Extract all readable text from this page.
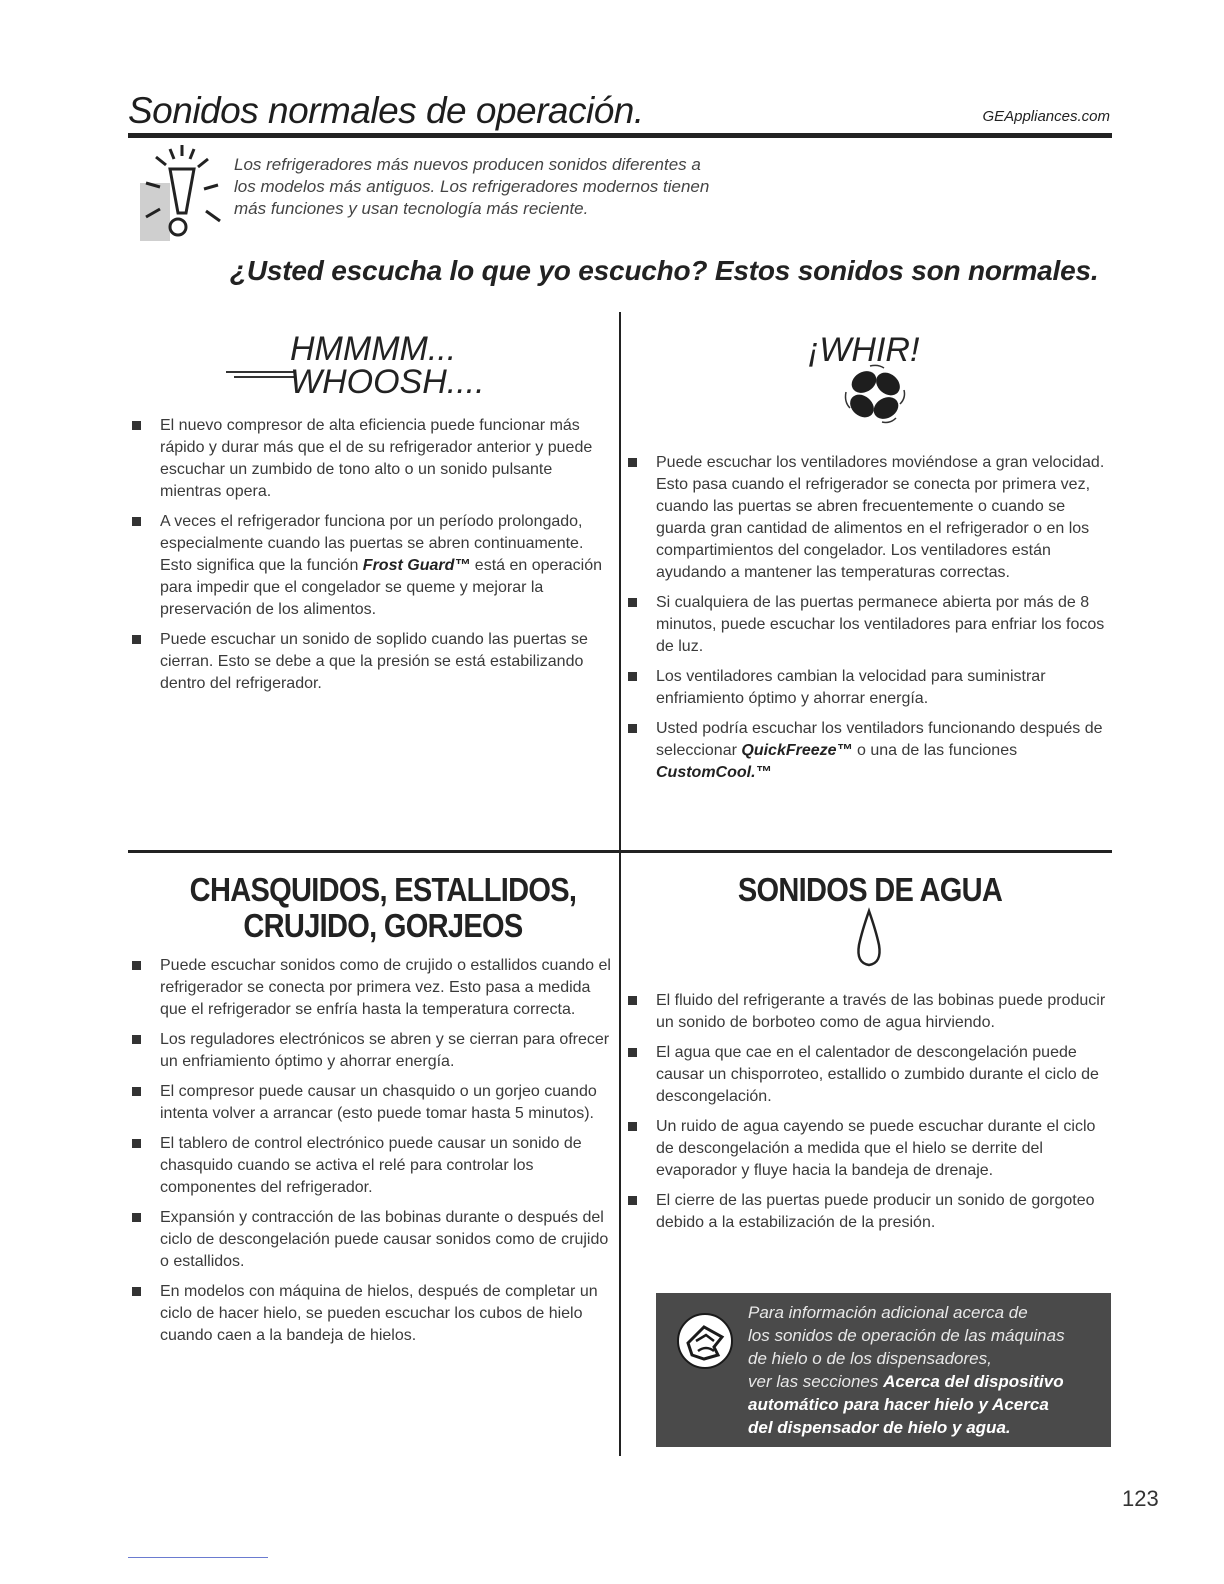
Sonidos normales de operación.	GEAppliances.com
Los refrigeradores más nuevos producen sonidos diferentes a
los modelos más antiguos. Los refrigeradores modernos tienen
más funciones y usan tecnología más reciente.
¿Usted escucha lo que yo escucho? Estos sonidos son normales.
HMMMM...
WHOOSH....
El nuevo compresor de alta eficiencia puede funcionar más rápido y durar más que el de su refrigerador anterior y puede escuchar un zumbido de tono alto o un sonido pulsante mientras opera.
A veces el refrigerador funciona por un período prolongado, especialmente cuando las puertas se abren continuamente. Esto significa que la función Frost Guard™ está en operación para impedir que el congelador se queme y mejorar la preservación de los alimentos.
Puede escuchar un sonido de soplido cuando las puertas se cierran. Esto se debe a que la presión se está estabilizando dentro del refrigerador.
¡WHIR!
Puede escuchar los ventiladores moviéndose a gran velocidad. Esto pasa cuando el refrigerador se conecta por primera vez, cuando las puertas se abren frecuentemente o cuando se guarda gran cantidad de alimentos en el refrigerador o en los compartimientos del congelador. Los ventiladores están ayudando a mantener las temperaturas correctas.
Si cualquiera de las puertas permanece abierta por más de 8 minutos, puede escuchar los ventiladores para enfriar los focos de luz.
Los ventiladores cambian la velocidad para suministrar enfriamiento óptimo y ahorrar energía.
Usted podría escuchar los ventiladors funcionando después de seleccionar QuickFreeze™ o una de las funciones CustomCool.™
CHASQUIDOS, ESTALLIDOS,
CRUJIDO, GORJEOS
Puede escuchar sonidos como de crujido o estallidos cuando el refrigerador se conecta por primera vez. Esto pasa a medida que el refrigerador se enfría hasta la temperatura correcta.
Los reguladores electrónicos se abren y se cierran para ofrecer un enfriamiento óptimo y ahorrar energía.
El compresor puede causar un chasquido o un gorjeo cuando intenta volver a arrancar (esto puede tomar hasta 5 minutos).
El tablero de control electrónico puede causar un sonido de chasquido cuando se activa el relé para controlar los componentes del refrigerador.
Expansión y contracción de las bobinas durante o después del ciclo de descongelación puede causar sonidos como de crujido o estallidos.
En modelos con máquina de hielos, después de completar un ciclo de hacer hielo, se pueden escuchar los cubos de hielo cuando caen a la bandeja de hielos.
SONIDOS DE AGUA
El fluido del refrigerante a través de las bobinas puede producir un sonido de borboteo como de agua hirviendo.
El agua que cae en el calentador de descongelación puede causar un chisporroteo, estallido o zumbido durante el ciclo de descongelación.
Un ruido de agua cayendo se puede escuchar durante el ciclo de descongelación a medida que el hielo se derrite del evaporador y fluye hacia la bandeja de drenaje.
El cierre de las puertas puede producir un sonido de gorgoteo debido a la estabilización de la presión.
Para información adicional acerca de
los sonidos de operación de las máquinas
de hielo o de los dispensadores,
ver las secciones Acerca del dispositivo
automático para hacer hielo y Acerca
del dispensador de hielo y agua.
123
